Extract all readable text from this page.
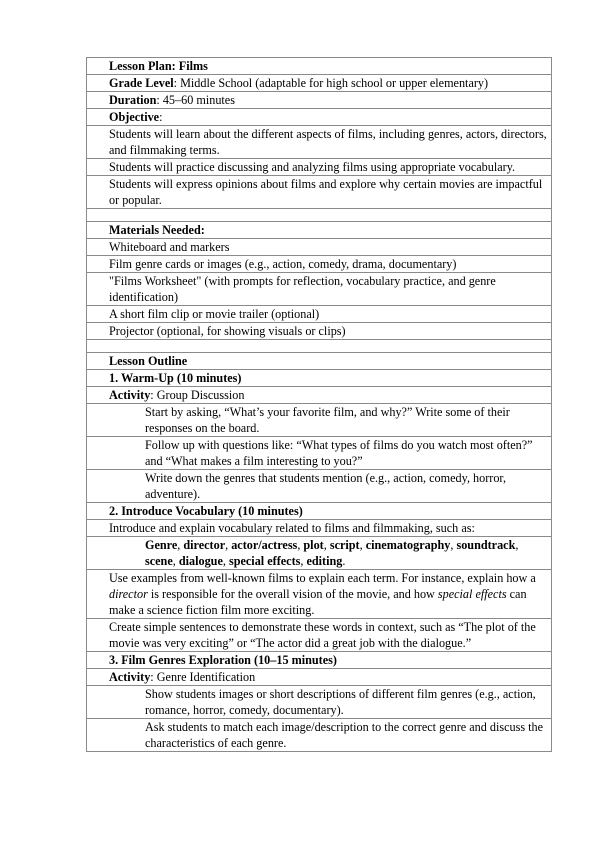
Lesson Plan: Films
Grade Level: Middle School (adaptable for high school or upper elementary)
Duration: 45–60 minutes
Objective:
Students will learn about the different aspects of films, including genres, actors, directors, and filmmaking terms.
Students will practice discussing and analyzing films using appropriate vocabulary.
Students will express opinions about films and explore why certain movies are impactful or popular.
Materials Needed:
Whiteboard and markers
Film genre cards or images (e.g., action, comedy, drama, documentary)
"Films Worksheet" (with prompts for reflection, vocabulary practice, and genre identification)
A short film clip or movie trailer (optional)
Projector (optional, for showing visuals or clips)
Lesson Outline
1. Warm-Up (10 minutes)
Activity: Group Discussion
Start by asking, “What’s your favorite film, and why?” Write some of their responses on the board.
Follow up with questions like: “What types of films do you watch most often?” and “What makes a film interesting to you?”
Write down the genres that students mention (e.g., action, comedy, horror, adventure).
2. Introduce Vocabulary (10 minutes)
Introduce and explain vocabulary related to films and filmmaking, such as:
Genre, director, actor/actress, plot, script, cinematography, soundtrack, scene, dialogue, special effects, editing.
Use examples from well-known films to explain each term. For instance, explain how a director is responsible for the overall vision of the movie, and how special effects can make a science fiction film more exciting.
Create simple sentences to demonstrate these words in context, such as “The plot of the movie was very exciting” or “The actor did a great job with the dialogue.”
3. Film Genres Exploration (10–15 minutes)
Activity: Genre Identification
Show students images or short descriptions of different film genres (e.g., action, romance, horror, comedy, documentary).
Ask students to match each image/description to the correct genre and discuss the characteristics of each genre.
